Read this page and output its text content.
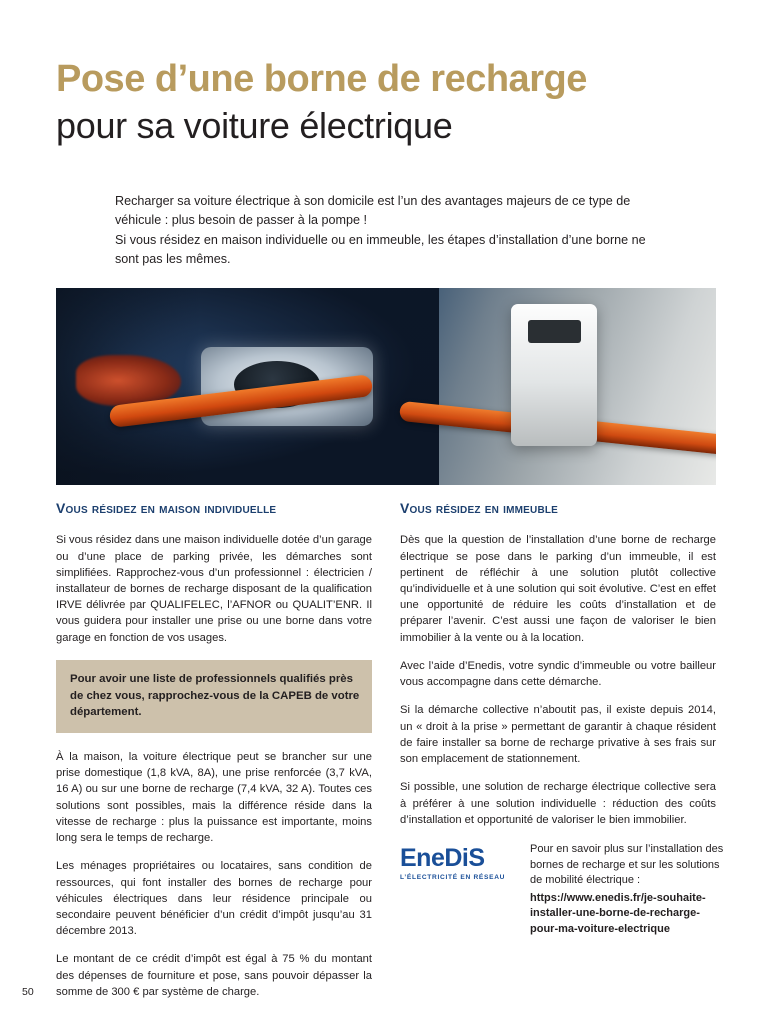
Pose d’une borne de recharge
pour sa voiture électrique

Recharger sa voiture électrique à son domicile est l’un des avantages majeurs de ce type de véhicule : plus besoin de passer à la pompe !

Si vous résidez en maison individuelle ou en immeuble, les étapes d’installation d’une borne ne sont pas les mêmes.

Vous résidez en maison individuelle

Si vous résidez dans une maison individuelle dotée d’un garage ou d’une place de parking privée, les démarches sont simplifiées. Rapprochez-vous d’un professionnel : électricien / installateur de bornes de recharge disposant de la qualification IRVE délivrée par QUALIFELEC, l’AFNOR ou QUALIT’ENR. Il vous guidera pour installer une prise ou une borne dans votre garage en fonction de vos usages.

Pour avoir une liste de professionnels qualifiés près de chez vous, rapprochez-vous de la CAPEB de votre département.

À la maison, la voiture électrique peut se brancher sur une prise domestique (1,8 kVA, 8A), une prise renforcée (3,7 kVA, 16 A) ou sur une borne de recharge (7,4 kVA, 32 A). Toutes ces solutions sont possibles, mais la différence réside dans la vitesse de recharge : plus la puissance est importante, moins long sera le temps de recharge.

Les ménages propriétaires ou locataires, sans condition de ressources, qui font installer des bornes de recharge pour véhicules électriques dans leur résidence principale ou secondaire peuvent bénéficier d’un crédit d’impôt jusqu’au 31 décembre 2013.

Le montant de ce crédit d’impôt est égal à 75 % du montant des dépenses de fourniture et pose, sans pouvoir dépasser la somme de 300 € par système de charge.

Vous résidez en immeuble

Dès que la question de l’installation d’une borne de recharge électrique se pose dans le parking d’un immeuble, il est pertinent de réfléchir à une solution plutôt collective qu’individuelle et à une solution qui soit évolutive. C’est en effet une opportunité de réduire les coûts d’installation et de préparer l’avenir. C’est aussi une façon de valoriser le bien immobilier à la vente ou à la location.

Avec l’aide d’Enedis, votre syndic d’immeuble ou votre bailleur vous accompagne dans cette démarche.

Si la démarche collective n’aboutit pas, il existe depuis 2014, un « droit à la prise » permettant de garantir à chaque résident de faire installer sa borne de recharge privative à ses frais sur son emplacement de stationnement.

Si possible, une solution de recharge électrique collective sera à préférer à une solution individuelle : réduction des coûts d’installation et opportunité de valoriser le bien immobilier.

EneDiS
L’ÉLECTRICITÉ EN RÉSEAU
Pour en savoir plus sur l’installation des bornes de recharge et sur les solutions de mobilité électrique :
https://www.enedis.fr/je-souhaite-installer-une-borne-de-recharge-pour-ma-voiture-electrique
50
